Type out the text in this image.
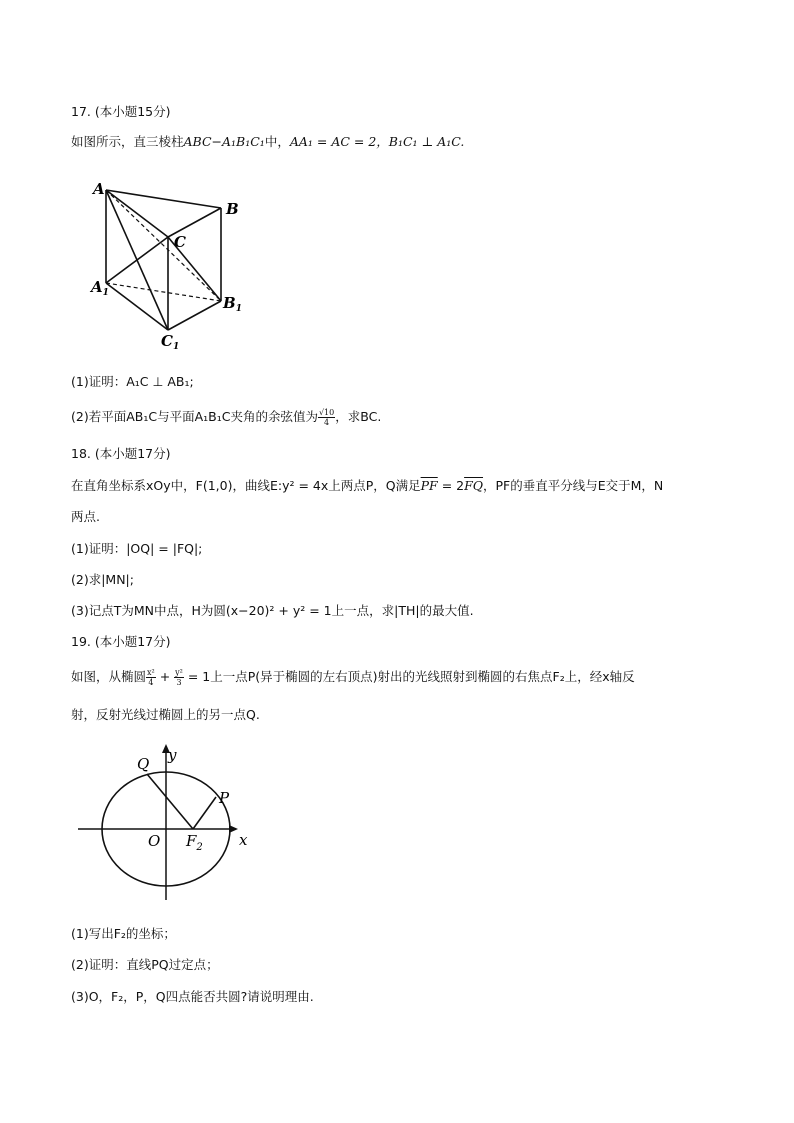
17. (本小题15分)
如图所示，直三棱柱ABC−A₁B₁C₁中，AA₁ = AC = 2，B₁C₁ ⊥ A₁C.
A
B
C
$A_1$
$B_1$
$C_1$
(1)证明：A₁C ⊥ AB₁;
(2)若平面AB₁C与平面A₁B₁C夹角的余弦值为 $\frac{√10}{4}$ ，求BC.
18. (本小题17分)
在直角坐标系xOy中，F(1,0)，曲线E:y² = 4x上两点P，Q满足$\overline{PF} = 2\overline{FQ}$，PF的垂直平分线与E交于M，N
两点.
(1)证明：|OQ| = |FQ|;
(2)求|MN|;
(3)记点T为MN中点，H为圆(x−20)² + y² = 1上一点，求|TH|的最大值.
19. (本小题17分)
如图，从椭圆 $\frac{\text{x²}}{4} + \frac{\text{y²}}{3} = 1$上一点P(异于椭圆的左右顶点)射出的光线照射到椭圆的右焦点F₂上，经x轴反
射，反射光线过椭圆上的另一点Q.
Q y
P
O $F_2$ x
(1)写出F₂的坐标；
(2)证明：直线PQ过定点；
(3)O，F₂，P，Q四点能否共圆?请说明理由.
